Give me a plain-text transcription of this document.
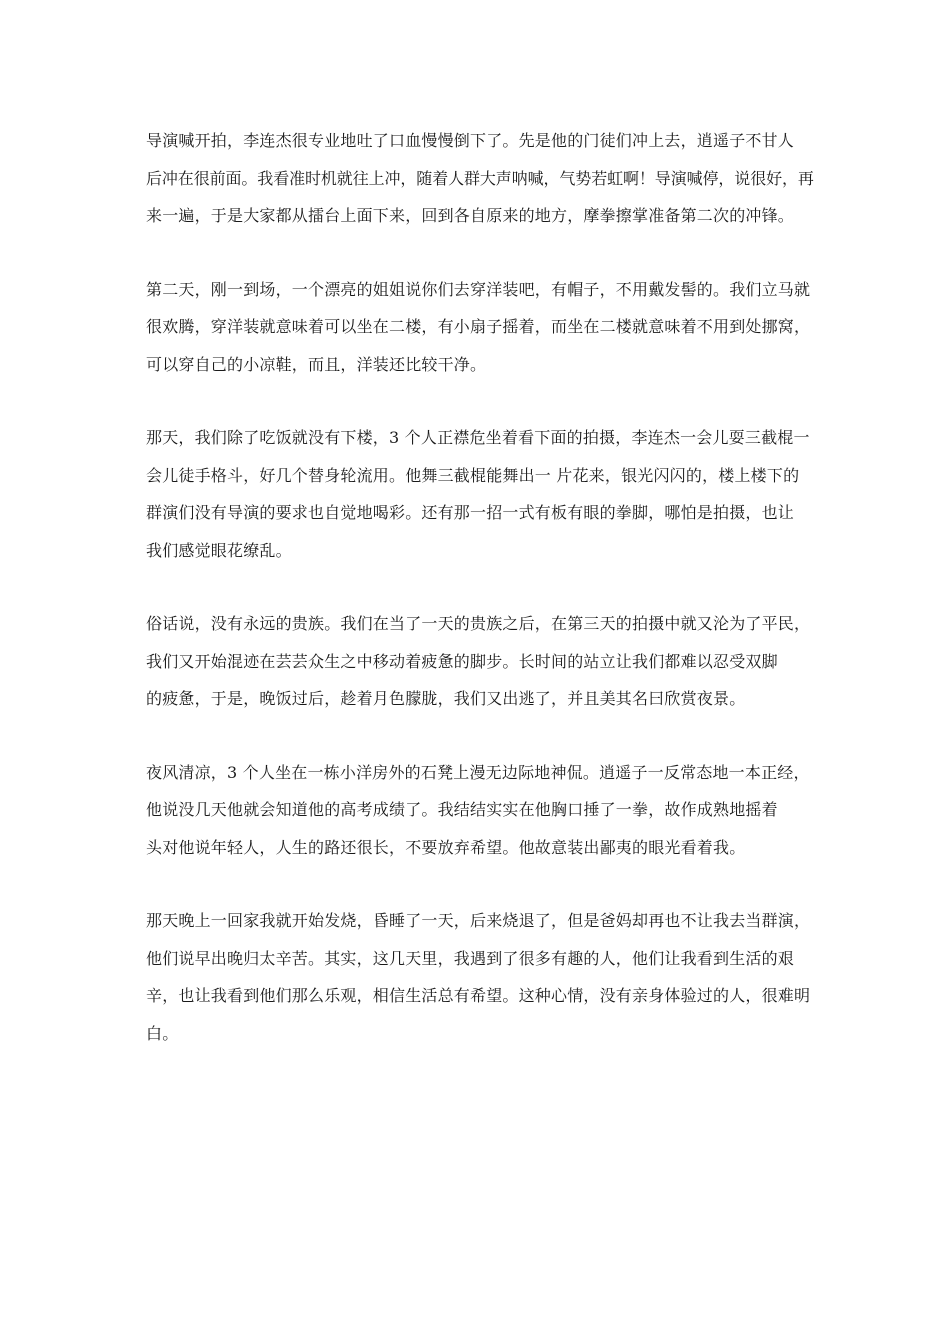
导演喊开拍，李连杰很专业地吐了口血慢慢倒下了。先是他的门徒们冲上去，逍遥子不甘人
后冲在很前面。我看准时机就往上冲，随着人群大声呐喊，气势若虹啊！导演喊停，说很好，再
来一遍，于是大家都从擂台上面下来，回到各自原来的地方，摩拳擦掌准备第二次的冲锋。
第二天，刚一到场，一个漂亮的姐姐说你们去穿洋装吧，有帽子，不用戴发髻的。我们立马就
很欢腾，穿洋装就意味着可以坐在二楼，有小扇子摇着，而坐在二楼就意味着不用到处挪窝，
可以穿自己的小凉鞋，而且，洋装还比较干净。
那天，我们除了吃饭就没有下楼，3 个人正襟危坐着看下面的拍摄，李连杰一会儿耍三截棍一
会儿徒手格斗，好几个替身轮流用。他舞三截棍能舞出一 片花来，银光闪闪的，楼上楼下的
群演们没有导演的要求也自觉地喝彩。还有那一招一式有板有眼的拳脚，哪怕是拍摄，也让
我们感觉眼花缭乱。
俗话说，没有永远的贵族。我们在当了一天的贵族之后，在第三天的拍摄中就又沦为了平民，
我们又开始混迹在芸芸众生之中移动着疲惫的脚步。长时间的站立让我们都难以忍受双脚
的疲惫，于是，晚饭过后，趁着月色朦胧，我们又出逃了，并且美其名曰欣赏夜景。
夜风清凉，3 个人坐在一栋小洋房外的石凳上漫无边际地神侃。逍遥子一反常态地一本正经，
他说没几天他就会知道他的高考成绩了。我结结实实在他胸口捶了一拳，故作成熟地摇着
头对他说年轻人，人生的路还很长，不要放弃希望。他故意装出鄙夷的眼光看着我。
那天晚上一回家我就开始发烧，昏睡了一天，后来烧退了，但是爸妈却再也不让我去当群演，
他们说早出晚归太辛苦。其实，这几天里，我遇到了很多有趣的人，他们让我看到生活的艰
辛，也让我看到他们那么乐观，相信生活总有希望。这种心情，没有亲身体验过的人，很难明
白。
